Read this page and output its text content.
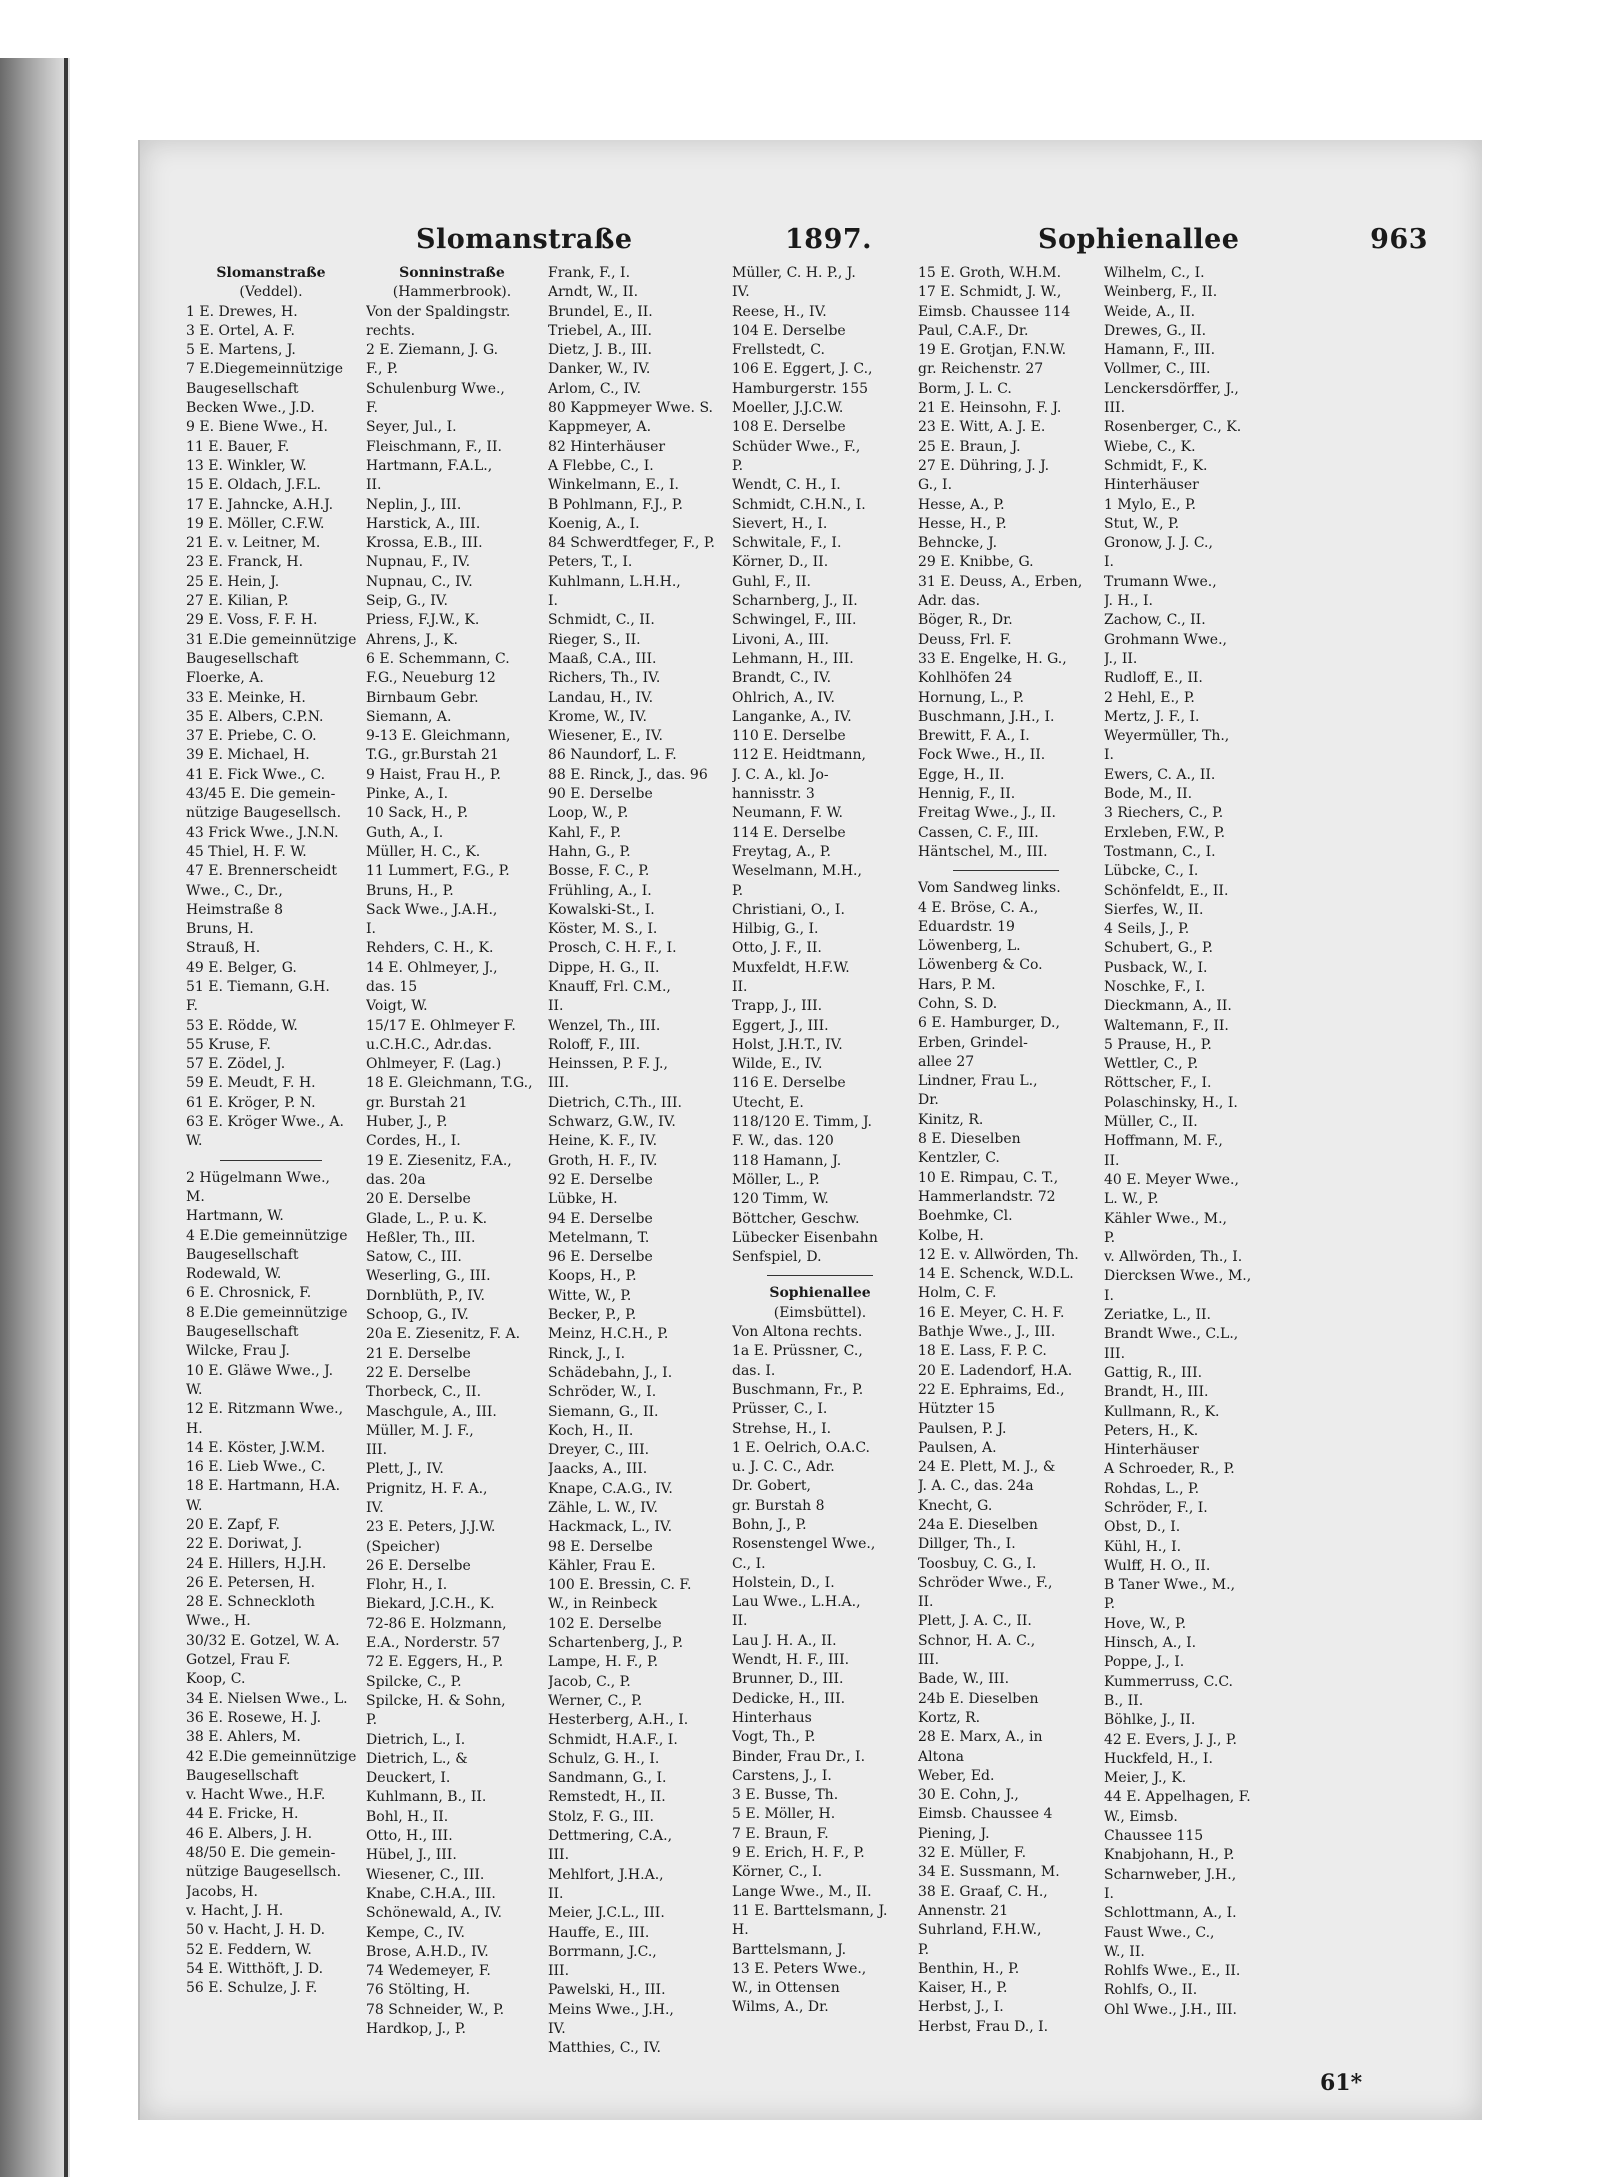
Slomanstraße	1897.	Sophienallee	963
Slomanstraße
(Veddel).
1 E. Drewes, H.
3 E. Ortel, A. F.
5 E. Martens, J.
7 E.Diegemeinnützige
Baugesellschaft
Becken Wwe., J.D.
9 E. Biene Wwe., H.
11 E. Bauer, F.
13 E. Winkler, W.
15 E. Oldach, J.F.L.
17 E. Jahncke, A.H.J.
19 E. Möller, C.F.W.
21 E. v. Leitner, M.
23 E. Franck, H.
25 E. Hein, J.
27 E. Kilian, P.
29 E. Voss, F. F. H.
31 E.Die gemeinnützige
Baugesellschaft
Floerke, A.
33 E. Meinke, H.
35 E. Albers, C.P.N.
37 E. Priebe, C. O.
39 E. Michael, H.
41 E. Fick Wwe., C.
43/45 E. Die gemein-
nützige Baugesellsch.
43 Frick Wwe., J.N.N.
45 Thiel, H. F. W.
47 E. Brennerscheidt
Wwe., C., Dr.,
Heimstraße 8
Bruns, H.
Strauß, H.
49 E. Belger, G.
51 E. Tiemann, G.H.
F.
53 E. Rödde, W.
55 Kruse, F.
57 E. Zödel, J.
59 E. Meudt, F. H.
61 E. Kröger, P. N.
63 E. Kröger Wwe., A.
W.
2 Hügelmann Wwe.,
M.
Hartmann, W.
4 E.Die gemeinnützige
Baugesellschaft
Rodewald, W.
6 E. Chrosnick, F.
8 E.Die gemeinnützige
Baugesellschaft
Wilcke, Frau J.
10 E. Gläwe Wwe., J.
W.
12 E. Ritzmann Wwe.,
H.
14 E. Köster, J.W.M.
16 E. Lieb Wwe., C.
18 E. Hartmann, H.A.
W.
20 E. Zapf, F.
22 E. Doriwat, J.
24 E. Hillers, H.J.H.
26 E. Petersen, H.
28 E. Schneckloth
Wwe., H.
30/32 E. Gotzel, W. A.
Gotzel, Frau F.
Koop, C.
34 E. Nielsen Wwe., L.
36 E. Rosewe, H. J.
38 E. Ahlers, M.
42 E.Die gemeinnützige
Baugesellschaft
v. Hacht Wwe., H.F.
44 E. Fricke, H.
46 E. Albers, J. H.
48/50 E. Die gemein-
nützige Baugesellsch.
Jacobs, H.
v. Hacht, J. H.
50 v. Hacht, J. H. D.
52 E. Feddern, W.
54 E. Witthöft, J. D.
56 E. Schulze, J. F.
Sonninstraße
(Hammerbrook).
Von der Spaldingstr.
rechts.
2 E. Ziemann, J. G.
F., P.
Schulenburg Wwe.,
F.
Seyer, Jul., I.
Fleischmann, F., II.
Hartmann, F.A.L.,
II.
Neplin, J., III.
Harstick, A., III.
Krossa, E.B., III.
Nupnau, F., IV.
Nupnau, C., IV.
Seip, G., IV.
Priess, F.J.W., K.
Ahrens, J., K.
6 E. Schemmann, C.
F.G., Neueburg 12
Birnbaum Gebr.
Siemann, A.
9-13 E. Gleichmann,
T.G., gr.Burstah 21
9 Haist, Frau H., P.
Pinke, A., I.
10 Sack, H., P.
Guth, A., I.
Müller, H. C., K.
11 Lummert, F.G., P.
Bruns, H., P.
Sack Wwe., J.A.H.,
I.
Rehders, C. H., K.
14 E. Ohlmeyer, J.,
das. 15
Voigt, W.
15/17 E. Ohlmeyer F.
u.C.H.C., Adr.das.
Ohlmeyer, F. (Lag.)
18 E. Gleichmann, T.G.,
gr. Burstah 21
Huber, J., P.
Cordes, H., I.
19 E. Ziesenitz, F.A.,
das. 20a
20 E. Derselbe
Glade, L., P. u. K.
Heßler, Th., III.
Satow, C., III.
Weserling, G., III.
Dornblüth, P., IV.
Schoop, G., IV.
20a E. Ziesenitz, F. A.
21 E. Derselbe
22 E. Derselbe
Thorbeck, C., II.
Maschgule, A., III.
Müller, M. J. F.,
III.
Plett, J., IV.
Prignitz, H. F. A.,
IV.
23 E. Peters, J.J.W.
(Speicher)
26 E. Derselbe
Flohr, H., I.
Biekard, J.C.H., K.
72-86 E. Holzmann,
E.A., Norderstr. 57
72 E. Eggers, H., P.
Spilcke, C., P.
Spilcke, H. & Sohn,
P.
Dietrich, L., I.
Dietrich, L., &
Deuckert, I.
Kuhlmann, B., II.
Bohl, H., II.
Otto, H., III.
Hübel, J., III.
Wiesener, C., III.
Knabe, C.H.A., III.
Schönewald, A., IV.
Kempe, C., IV.
Brose, A.H.D., IV.
74 Wedemeyer, F.
76 Stölting, H.
78 Schneider, W., P.
Hardkop, J., P.
Frank, F., I.
Arndt, W., II.
Brundel, E., II.
Triebel, A., III.
Dietz, J. B., III.
Danker, W., IV.
Arlom, C., IV.
80 Kappmeyer Wwe. S.
Kappmeyer, A.
82 Hinterhäuser
A Flebbe, C., I.
Winkelmann, E., I.
B Pohlmann, F.J., P.
Koenig, A., I.
84 Schwerdtfeger, F., P.
Peters, T., I.
Kuhlmann, L.H.H.,
I.
Schmidt, C., II.
Rieger, S., II.
Maaß, C.A., III.
Richers, Th., IV.
Landau, H., IV.
Krome, W., IV.
Wiesener, E., IV.
86 Naundorf, L. F.
88 E. Rinck, J., das. 96
90 E. Derselbe
Loop, W., P.
Kahl, F., P.
Hahn, G., P.
Bosse, F. C., P.
Frühling, A., I.
Kowalski-St., I.
Köster, M. S., I.
Prosch, C. H. F., I.
Dippe, H. G., II.
Knauff, Frl. C.M.,
II.
Wenzel, Th., III.
Roloff, F., III.
Heinssen, P. F. J.,
III.
Dietrich, C.Th., III.
Schwarz, G.W., IV.
Heine, K. F., IV.
Groth, H. F., IV.
92 E. Derselbe
Lübke, H.
94 E. Derselbe
Metelmann, T.
96 E. Derselbe
Koops, H., P.
Witte, W., P.
Becker, P., P.
Meinz, H.C.H., P.
Rinck, J., I.
Schädebahn, J., I.
Schröder, W., I.
Siemann, G., II.
Koch, H., II.
Dreyer, C., III.
Jaacks, A., III.
Knape, C.A.G., IV.
Zähle, L. W., IV.
Hackmack, L., IV.
98 E. Derselbe
Kähler, Frau E.
100 E. Bressin, C. F.
W., in Reinbeck
102 E. Derselbe
Schartenberg, J., P.
Lampe, H. F., P.
Jacob, C., P.
Werner, C., P.
Hesterberg, A.H., I.
Schmidt, H.A.F., I.
Schulz, G. H., I.
Sandmann, G., I.
Remstedt, H., II.
Stolz, F. G., III.
Dettmering, C.A.,
III.
Mehlfort, J.H.A.,
II.
Meier, J.C.L., III.
Hauffe, E., III.
Borrmann, J.C.,
III.
Pawelski, H., III.
Meins Wwe., J.H.,
IV.
Matthies, C., IV.
Müller, C. H. P., J.
IV.
Reese, H., IV.
104 E. Derselbe
Frellstedt, C.
106 E. Eggert, J. C.,
Hamburgerstr. 155
Moeller, J.J.C.W.
108 E. Derselbe
Schüder Wwe., F.,
P.
Wendt, C. H., I.
Schmidt, C.H.N., I.
Sievert, H., I.
Schwitale, F., I.
Körner, D., II.
Guhl, F., II.
Scharnberg, J., II.
Schwingel, F., III.
Livoni, A., III.
Lehmann, H., III.
Brandt, C., IV.
Ohlrich, A., IV.
Langanke, A., IV.
110 E. Derselbe
112 E. Heidtmann,
J. C. A., kl. Jo-
hannisstr. 3
Neumann, F. W.
114 E. Derselbe
Freytag, A., P.
Weselmann, M.H.,
P.
Christiani, O., I.
Hilbig, G., I.
Otto, J. F., II.
Muxfeldt, H.F.W.
II.
Trapp, J., III.
Eggert, J., III.
Holst, J.H.T., IV.
Wilde, E., IV.
116 E. Derselbe
Utecht, E.
118/120 E. Timm, J.
F. W., das. 120
118 Hamann, J.
Möller, L., P.
120 Timm, W.
Böttcher, Geschw.
Lübecker Eisenbahn
Senfspiel, D.
Sophienallee
(Eimsbüttel).
Von Altona rechts.
1a E. Prüssner, C.,
das. I.
Buschmann, Fr., P.
Prüsser, C., I.
Strehse, H., I.
1 E. Oelrich, O.A.C.
u. J. C. C., Adr.
Dr. Gobert,
gr. Burstah 8
Bohn, J., P.
Rosenstengel Wwe.,
C., I.
Holstein, D., I.
Lau Wwe., L.H.A.,
II.
Lau J. H. A., II.
Wendt, H. F., III.
Brunner, D., III.
Dedicke, H., III.
Hinterhaus
Vogt, Th., P.
Binder, Frau Dr., I.
Carstens, J., I.
3 E. Busse, Th.
5 E. Möller, H.
7 E. Braun, F.
9 E. Erich, H. F., P.
Körner, C., I.
Lange Wwe., M., II.
11 E. Barttelsmann, J.
H.
Barttelsmann, J.
13 E. Peters Wwe.,
W., in Ottensen
Wilms, A., Dr.
15 E. Groth, W.H.M.
17 E. Schmidt, J. W.,
Eimsb. Chaussee 114
Paul, C.A.F., Dr.
19 E. Grotjan, F.N.W.
gr. Reichenstr. 27
Borm, J. L. C.
21 E. Heinsohn, F. J.
23 E. Witt, A. J. E.
25 E. Braun, J.
27 E. Dühring, J. J.
G., I.
Hesse, A., P.
Hesse, H., P.
Behncke, J.
29 E. Knibbe, G.
31 E. Deuss, A., Erben,
Adr. das.
Böger, R., Dr.
Deuss, Frl. F.
33 E. Engelke, H. G.,
Kohlhöfen 24
Hornung, L., P.
Buschmann, J.H., I.
Brewitt, F. A., I.
Fock Wwe., H., II.
Egge, H., II.
Hennig, F., II.
Freitag Wwe., J., II.
Cassen, C. F., III.
Häntschel, M., III.
Vom Sandweg links.
4 E. Bröse, C. A.,
Eduardstr. 19
Löwenberg, L.
Löwenberg & Co.
Hars, P. M.
Cohn, S. D.
6 E. Hamburger, D.,
Erben, Grindel-
allee 27
Lindner, Frau L.,
Dr.
Kinitz, R.
8 E. Dieselben
Kentzler, C.
10 E. Rimpau, C. T.,
Hammerlandstr. 72
Boehmke, Cl.
Kolbe, H.
12 E. v. Allwörden, Th.
14 E. Schenck, W.D.L.
Holm, C. F.
16 E. Meyer, C. H. F.
Bathje Wwe., J., III.
18 E. Lass, F. P. C.
20 E. Ladendorf, H.A.
22 E. Ephraims, Ed.,
Hützter 15
Paulsen, P. J.
Paulsen, A.
24 E. Plett, M. J., &
J. A. C., das. 24a
Knecht, G.
24a E. Dieselben
Dillger, Th., I.
Toosbuy, C. G., I.
Schröder Wwe., F.,
II.
Plett, J. A. C., II.
Schnor, H. A. C.,
III.
Bade, W., III.
24b E. Dieselben
Kortz, R.
28 E. Marx, A., in
Altona
Weber, Ed.
30 E. Cohn, J.,
Eimsb. Chaussee 4
Piening, J.
32 E. Müller, F.
34 E. Sussmann, M.
38 E. Graaf, C. H.,
Annenstr. 21
Suhrland, F.H.W.,
P.
Benthin, H., P.
Kaiser, H., P.
Herbst, J., I.
Herbst, Frau D., I.
Wilhelm, C., I.
Weinberg, F., II.
Weide, A., II.
Drewes, G., II.
Hamann, F., III.
Vollmer, C., III.
Lenckersdörffer, J.,
III.
Rosenberger, C., K.
Wiebe, C., K.
Schmidt, F., K.
Hinterhäuser
1 Mylo, E., P.
Stut, W., P.
Gronow, J. J. C.,
I.
Trumann Wwe.,
J. H., I.
Zachow, C., II.
Grohmann Wwe.,
J., II.
Rudloff, E., II.
2 Hehl, E., P.
Mertz, J. F., I.
Weyermüller, Th.,
I.
Ewers, C. A., II.
Bode, M., II.
3 Riechers, C., P.
Erxleben, F.W., P.
Tostmann, C., I.
Lübcke, C., I.
Schönfeldt, E., II.
Sierfes, W., II.
4 Seils, J., P.
Schubert, G., P.
Pusback, W., I.
Noschke, F., I.
Dieckmann, A., II.
Waltemann, F., II.
5 Prause, H., P.
Wettler, C., P.
Röttscher, F., I.
Polaschinsky, H., I.
Müller, C., II.
Hoffmann, M. F.,
II.
40 E. Meyer Wwe.,
L. W., P.
Kähler Wwe., M.,
P.
v. Allwörden, Th., I.
Diercksen Wwe., M.,
I.
Zeriatke, L., II.
Brandt Wwe., C.L.,
III.
Gattig, R., III.
Brandt, H., III.
Kullmann, R., K.
Peters, H., K.
Hinterhäuser
A Schroeder, R., P.
Rohdas, L., P.
Schröder, F., I.
Obst, D., I.
Kühl, H., I.
Wulff, H. O., II.
B Taner Wwe., M.,
P.
Hove, W., P.
Hinsch, A., I.
Poppe, J., I.
Kummerruss, C.C.
B., II.
Böhlke, J., II.
42 E. Evers, J. J., P.
Huckfeld, H., I.
Meier, J., K.
44 E. Appelhagen, F.
W., Eimsb.
Chaussee 115
Knabjohann, H., P.
Scharnweber, J.H.,
I.
Schlottmann, A., I.
Faust Wwe., C.,
W., II.
Rohlfs Wwe., E., II.
Rohlfs, O., II.
Ohl Wwe., J.H., III.
61*
